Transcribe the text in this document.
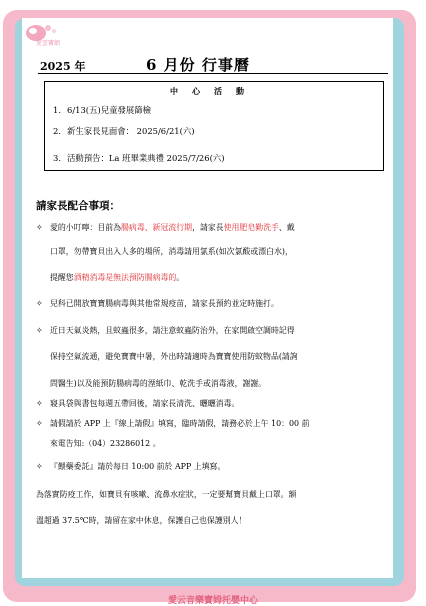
愛雲寶網
2025 年	6 月份 行事曆
中心活動
1. 6/13(五)兒童發展篩檢
2. 新生家長見面會： 2025/6/21(六)
3. 活動預告：La 班畢業典禮 2025/7/26(六)
請家長配合事項：
✧ 愛的小叮嚀：目前為腸病毒、新冠流行期，請家長使用肥皂勤洗手、戴
口罩，勿帶寶貝出入人多的場所，消毒請用氯系(如次氯酸或漂白水)，
提醒您酒精消毒是無法預防腸病毒的。
✧ 兒科已開放寶寶腸病毒與其他常規疫苗，請家長預約並定時施打。
✧ 近日天氣炎熱，且蚊蟲很多，請注意蚊蟲防治外，在家開啟空調時記得
保持空氣流通，避免寶寶中暑，外出時請適時為寶寶使用防蚊物品(請詢
問醫生)以及能預防腸病毒的溼紙巾、乾洗手或消毒液，謝謝。
✧ 寢具袋與書包每週五帶回後，請家長清洗、曬曬消毒。
✧ 請假請於 APP 上『線上請假』填寫，臨時請假，請務必於上午 10：00 前
來電告知:（04）23286012 。
✧ 『餵藥委託』請於每日 10:00 前於 APP 上填寫。
為落實防疫工作，如寶貝有咳嗽、流鼻水症狀，一定要幫寶貝戴上口罩。額
溫超過 37.5℃時，請留在家中休息，保護自己也保護別人！
愛云音樂寶姆托嬰中心
